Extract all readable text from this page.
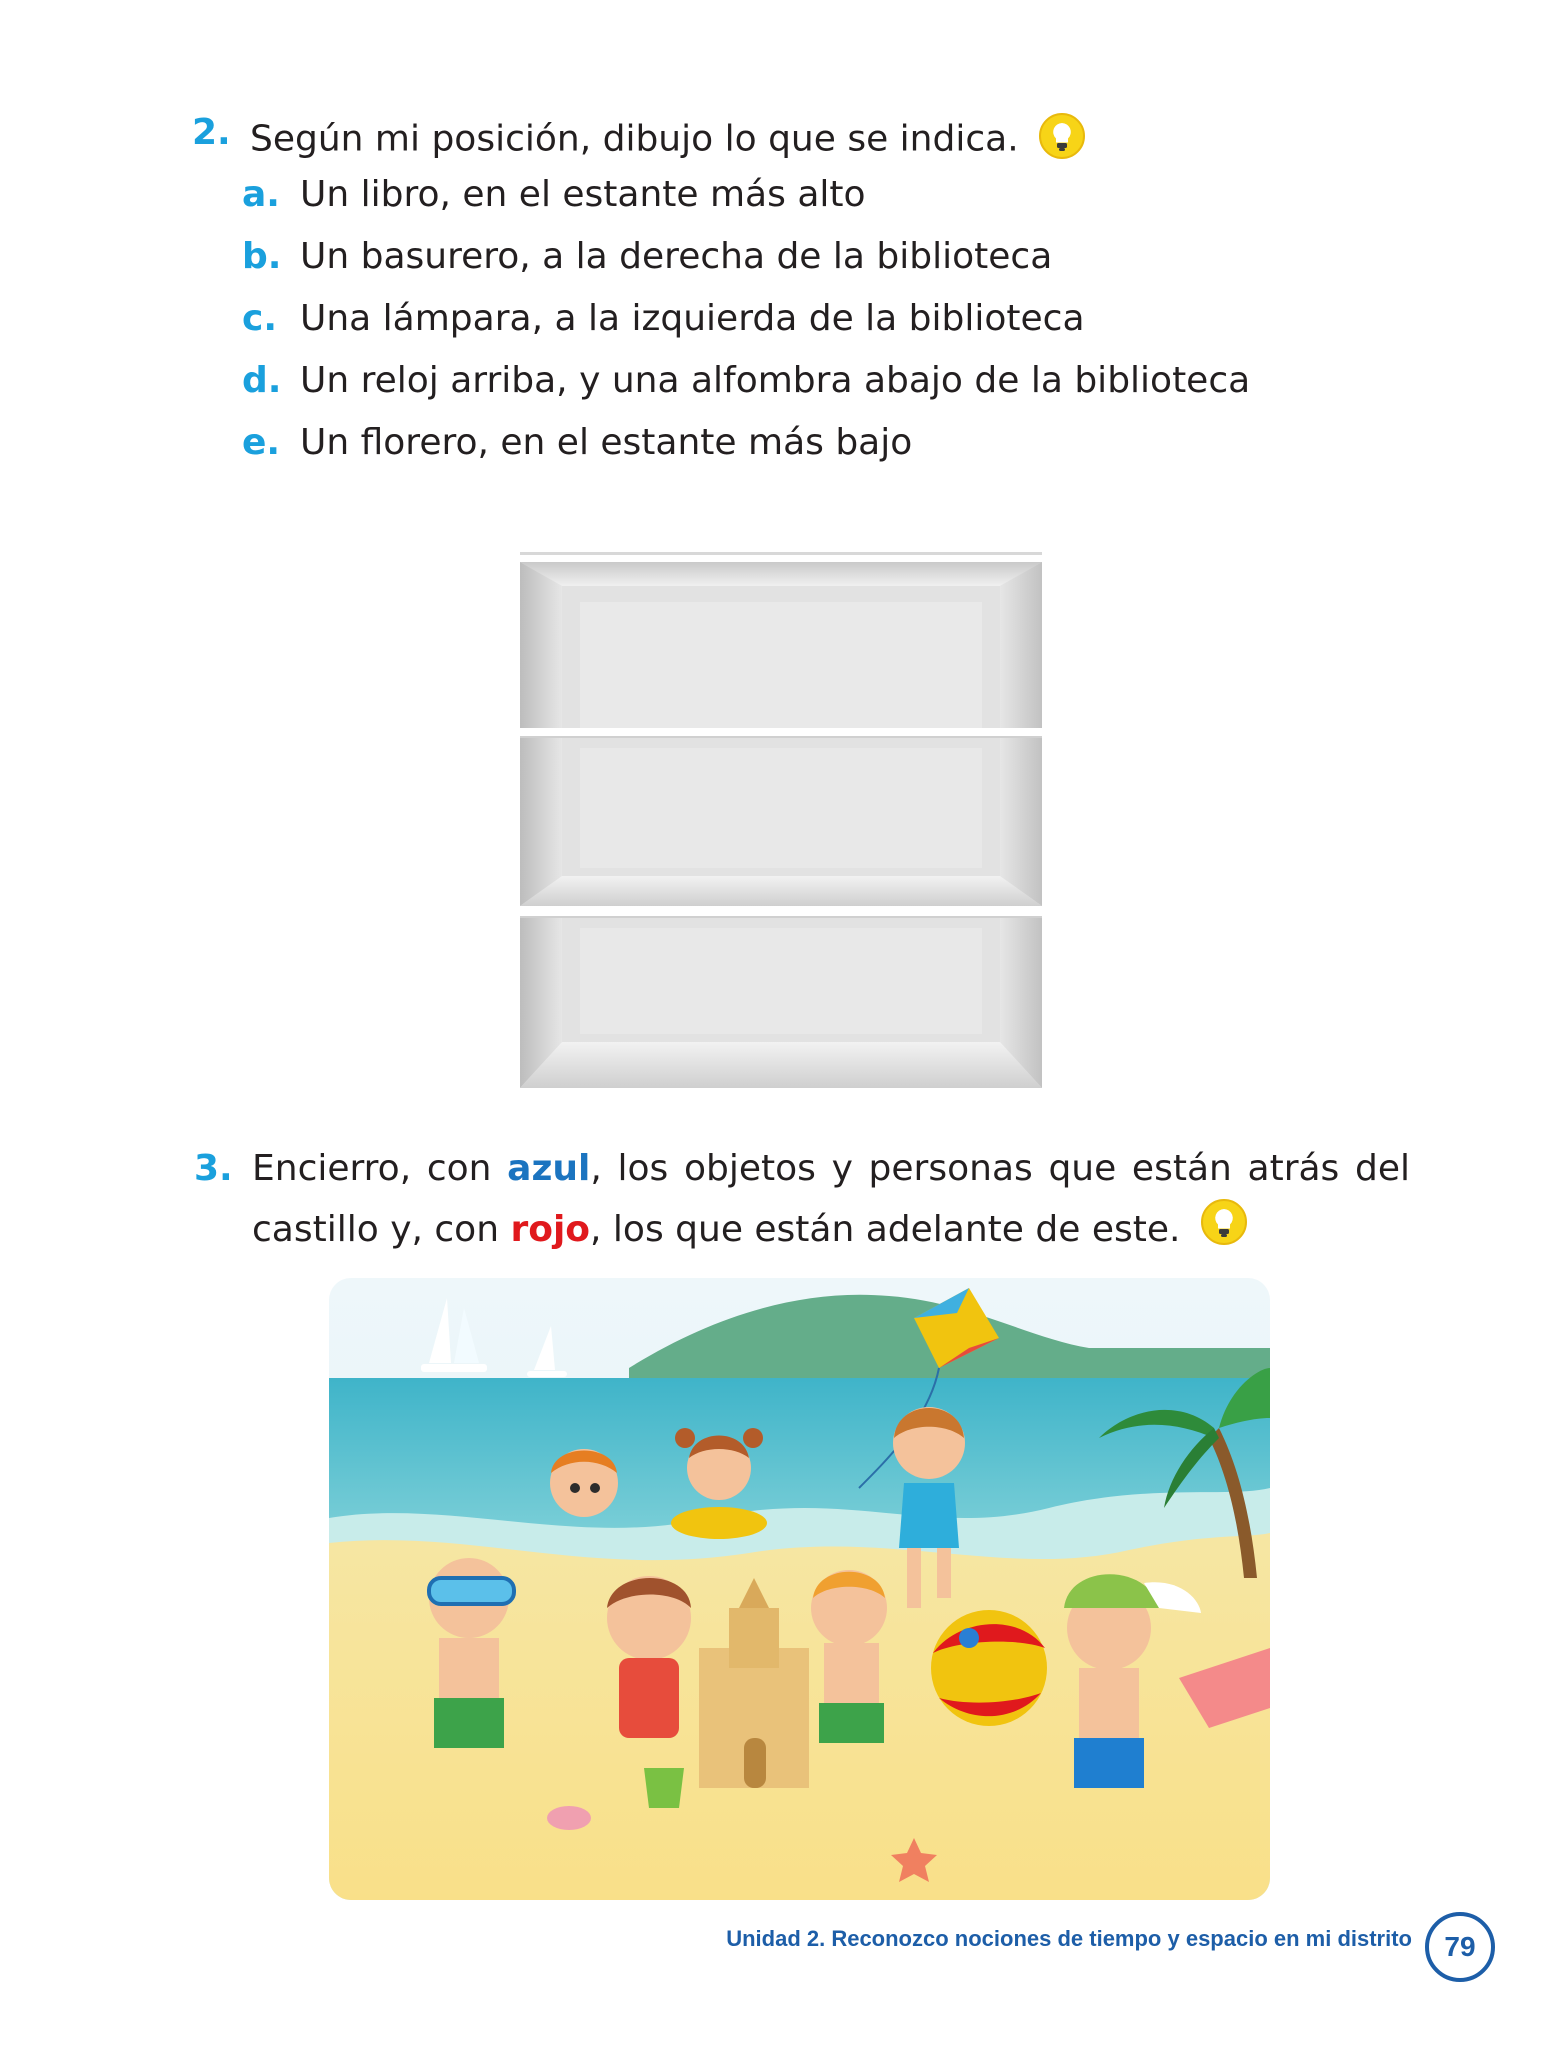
2. Según mi posición, dibujo lo que se indica.
a. Un libro, en el estante más alto
b. Un basurero, a la derecha de la biblioteca
c. Una lámpara, a la izquierda de la biblioteca
d. Un reloj arriba, y una alfombra abajo de la biblioteca
e. Un florero, en el estante más bajo
3. Encierro, con azul, los objetos y personas que están atrás del castillo y, con rojo, los que están adelante de este.
Unidad 2. Reconozco nociones de tiempo y espacio en mi distrito	79
